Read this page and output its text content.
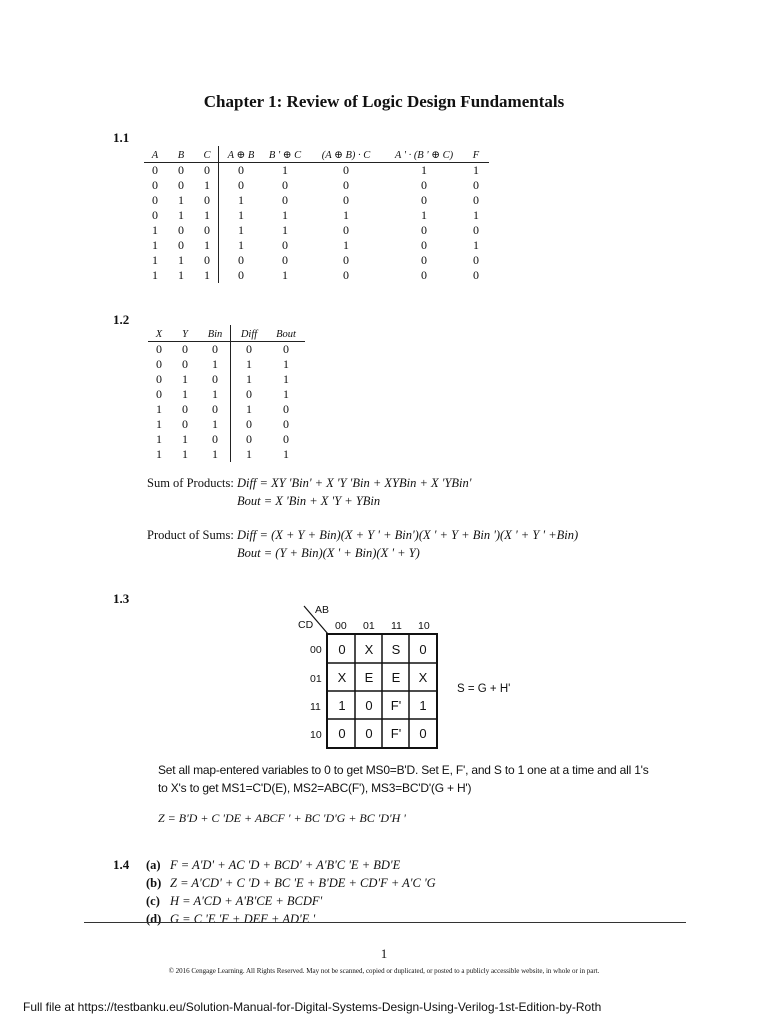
Chapter 1: Review of Logic Design Fundamentals
1.1
A	B	C	A ⊕ B	B ' ⊕ C	(A ⊕ B) · C	A ' · (B ' ⊕ C)	F
0	0	0	0	1	0	1	1
0	0	1	0	0	0	0	0
0	1	0	1	0	0	0	0
0	1	1	1	1	1	1	1
1	0	0	1	1	0	0	0
1	0	1	1	0	1	0	1
1	1	0	0	0	0	0	0
1	1	1	0	1	0	0	0
1.2
X	Y	Bin	Diff	Bout
0	0	0	0	0
0	0	1	1	1
0	1	0	1	1
0	1	1	0	1
1	0	0	1	0
1	0	1	0	0
1	1	0	0	0
1	1	1	1	1
Sum of Products: Diff = XY 'Bin' + X 'Y 'Bin + XYBin + X 'YBin'
Bout = X 'Bin + X 'Y + YBin
Product of Sums: Diff = (X + Y + Bin)(X + Y ' + Bin')(X ' + Y + Bin ')(X ' + Y ' +Bin)
Bout = (Y + Bin)(X ' + Bin)(X ' + Y)
1.3
AB
CD 00 01 11 10
00
01
11
10
0	X	S	0
X	E	E	X
1	0	F'	1
0	0	F'	0
S = G + H'
Set all map-entered variables to 0 to get MS0=B'D. Set E, F', and S to 1 one at a time and all 1's
to X's to get MS1=C'D(E), MS2=ABC(F'), MS3=BC'D'(G + H')
Z = B'D + C 'DE + ABCF ' + BC 'D'G + BC 'D'H '
1.4 (a) F = A'D' + AC 'D + BCD' + A'B'C 'E + BD'E
(b) Z = A'CD' + C 'D + BC 'E + B'DE + CD'F + A'C 'G
(c) H = A'CD + A'B'CE + BCDF'
(d) G = C 'E 'F + DEF + AD'E '
1
© 2016 Cengage Learning. All Rights Reserved. May not be scanned, copied or duplicated, or posted to a publicly accessible website, in whole or in part.
Full file at https://testbanku.eu/Solution-Manual-for-Digital-Systems-Design-Using-Verilog-1st-Edition-by-Roth
